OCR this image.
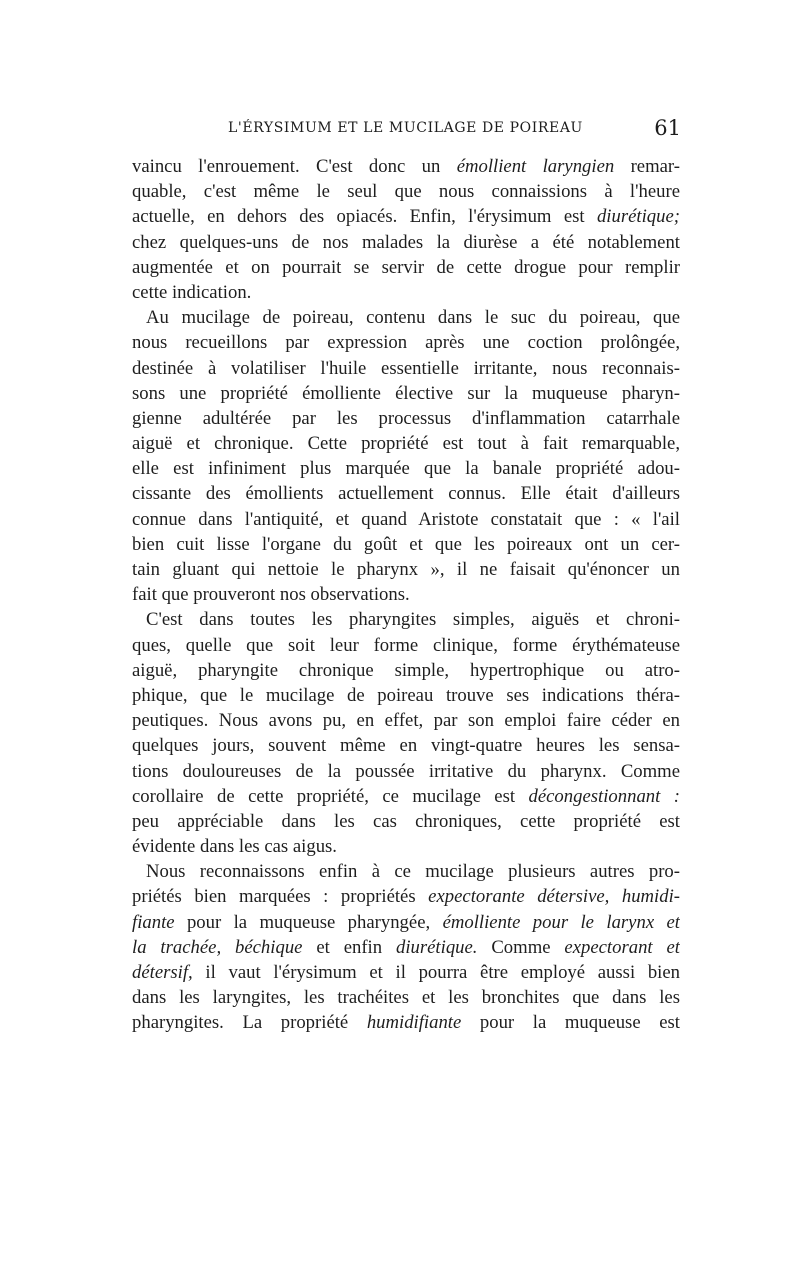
L'ÉRYSIMUM ET LE MUCILAGE DE POIREAU	61

vaincu l'enrouement. C'est donc un émollient laryngien remar-
quable, c'est même le seul que nous connaissions à l'heure
actuelle, en dehors des opiacés. Enfin, l'érysimum est diurétique;
chez quelques-uns de nos malades la diurèse a été notablement
augmentée et on pourrait se servir de cette drogue pour remplir
cette indication.

Au mucilage de poireau, contenu dans le suc du poireau, que
nous recueillons par expression après une coction prolôngée,
destinée à volatiliser l'huile essentielle irritante, nous reconnais-
sons une propriété émolliente élective sur la muqueuse pharyn-
gienne adultérée par les processus d'inflammation catarrhale
aiguë et chronique. Cette propriété est tout à fait remarquable,
elle est infiniment plus marquée que la banale propriété adou-
cissante des émollients actuellement connus. Elle était d'ailleurs
connue dans l'antiquité, et quand Aristote constatait que : « l'ail
bien cuit lisse l'organe du goût et que les poireaux ont un cer-
tain gluant qui nettoie le pharynx », il ne faisait qu'énoncer un
fait que prouveront nos observations.

C'est dans toutes les pharyngites simples, aiguës et chroni-
ques, quelle que soit leur forme clinique, forme érythémateuse
aiguë, pharyngite chronique simple, hypertrophique ou atro-
phique, que le mucilage de poireau trouve ses indications théra-
peutiques. Nous avons pu, en effet, par son emploi faire céder en
quelques jours, souvent même en vingt-quatre heures les sensa-
tions douloureuses de la poussée irritative du pharynx. Comme
corollaire de cette propriété, ce mucilage est décongestionnant :
peu appréciable dans les cas chroniques, cette propriété est
évidente dans les cas aigus.

Nous reconnaissons enfin à ce mucilage plusieurs autres pro-
priétés bien marquées : propriétés expectorante détersive, humidi-
fiante pour la muqueuse pharyngée, émolliente pour le larynx et
la trachée, béchique et enfin diurétique. Comme expectorant et
détersif, il vaut l'érysimum et il pourra être employé aussi bien
dans les laryngites, les trachéites et les bronchites que dans les
pharyngites. La propriété humidifiante pour la muqueuse est
